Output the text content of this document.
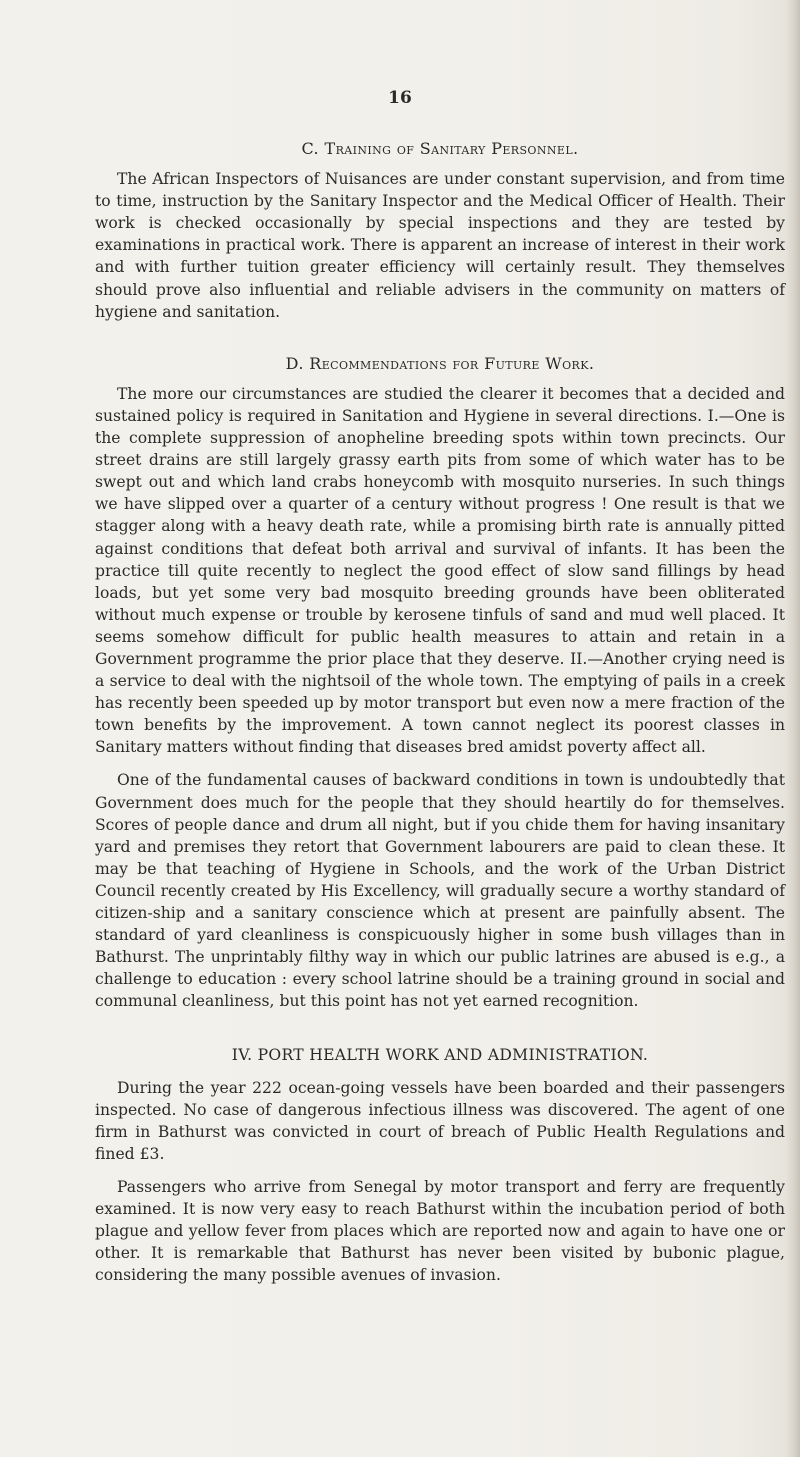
16
C. Training of Sanitary Personnel.

The African Inspectors of Nuisances are under constant supervision, and from time to time, instruction by the Sanitary Inspector and the Medical Officer of Health. Their work is checked occasionally by special inspections and they are tested by examinations in practical work. There is apparent an increase of interest in their work and with further tuition greater efficiency will certainly result. They themselves should prove also influential and reliable advisers in the community on matters of hygiene and sanitation.

D. Recommendations for Future Work.

The more our circumstances are studied the clearer it becomes that a decided and sustained policy is required in Sanitation and Hygiene in several directions. I.—One is the complete suppression of anopheline breeding spots within town precincts. Our street drains are still largely grassy earth pits from some of which water has to be swept out and which land crabs honeycomb with mosquito nurseries. In such things we have slipped over a quarter of a century without progress ! One result is that we stagger along with a heavy death rate, while a promising birth rate is annually pitted against conditions that defeat both arrival and survival of infants. It has been the practice till quite recently to neglect the good effect of slow sand fillings by head loads, but yet some very bad mosquito breeding grounds have been obliterated without much expense or trouble by kerosene tinfuls of sand and mud well placed. It seems somehow difficult for public health measures to attain and retain in a Government programme the prior place that they deserve. II.—Another crying need is a service to deal with the nightsoil of the whole town. The emptying of pails in a creek has recently been speeded up by motor transport but even now a mere fraction of the town benefits by the improvement. A town cannot neglect its poorest classes in Sanitary matters without finding that diseases bred amidst poverty affect all.

One of the fundamental causes of backward conditions in town is undoubtedly that Government does much for the people that they should heartily do for themselves. Scores of people dance and drum all night, but if you chide them for having insanitary yard and premises they retort that Government labourers are paid to clean these. It may be that teaching of Hygiene in Schools, and the work of the Urban District Council recently created by His Excellency, will gradually secure a worthy standard of citizen-ship and a sanitary conscience which at present are painfully absent. The standard of yard cleanliness is conspicuously higher in some bush villages than in Bathurst. The unprintably filthy way in which our public latrines are abused is e.g., a challenge to education : every school latrine should be a training ground in social and communal cleanliness, but this point has not yet earned recognition.

IV. PORT HEALTH WORK AND ADMINISTRATION.

During the year 222 ocean-going vessels have been boarded and their passengers inspected. No case of dangerous infectious illness was discovered. The agent of one firm in Bathurst was convicted in court of breach of Public Health Regulations and fined £3.

Passengers who arrive from Senegal by motor transport and ferry are frequently examined. It is now very easy to reach Bathurst within the incubation period of both plague and yellow fever from places which are reported now and again to have one or other. It is remarkable that Bathurst has never been visited by bubonic plague, considering the many possible avenues of invasion.
